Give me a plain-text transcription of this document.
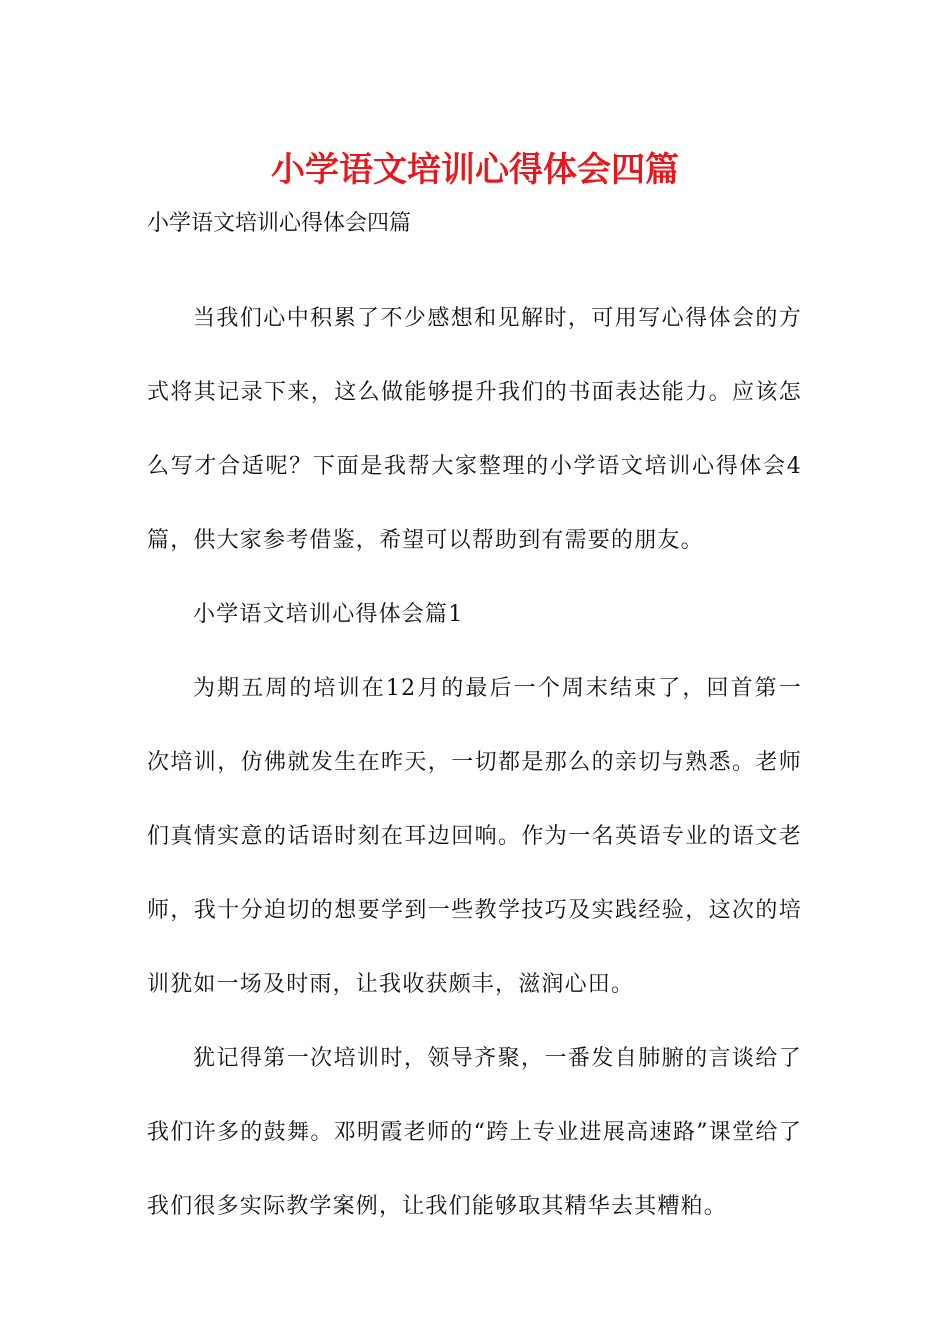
小学语文培训心得体会四篇
小学语文培训心得体会四篇

当我们心中积累了不少感想和见解时，可用写心得体会的方式将其记录下来，这么做能够提升我们的书面表达能力。应该怎么写才合适呢？下面是我帮大家整理的小学语文培训心得体会4篇，供大家参考借鉴，希望可以帮助到有需要的朋友。

小学语文培训心得体会篇1

为期五周的培训在12月的最后一个周末结束了，回首第一次培训，仿佛就发生在昨天，一切都是那么的亲切与熟悉。老师们真情实意的话语时刻在耳边回响。作为一名英语专业的语文老师，我十分迫切的想要学到一些教学技巧及实践经验，这次的培训犹如一场及时雨，让我收获颇丰，滋润心田。

犹记得第一次培训时，领导齐聚，一番发自肺腑的言谈给了我们许多的鼓舞。邓明霞老师的“跨上专业进展高速路”课堂给了我们很多实际教学案例，让我们能够取其精华去其糟粕。
